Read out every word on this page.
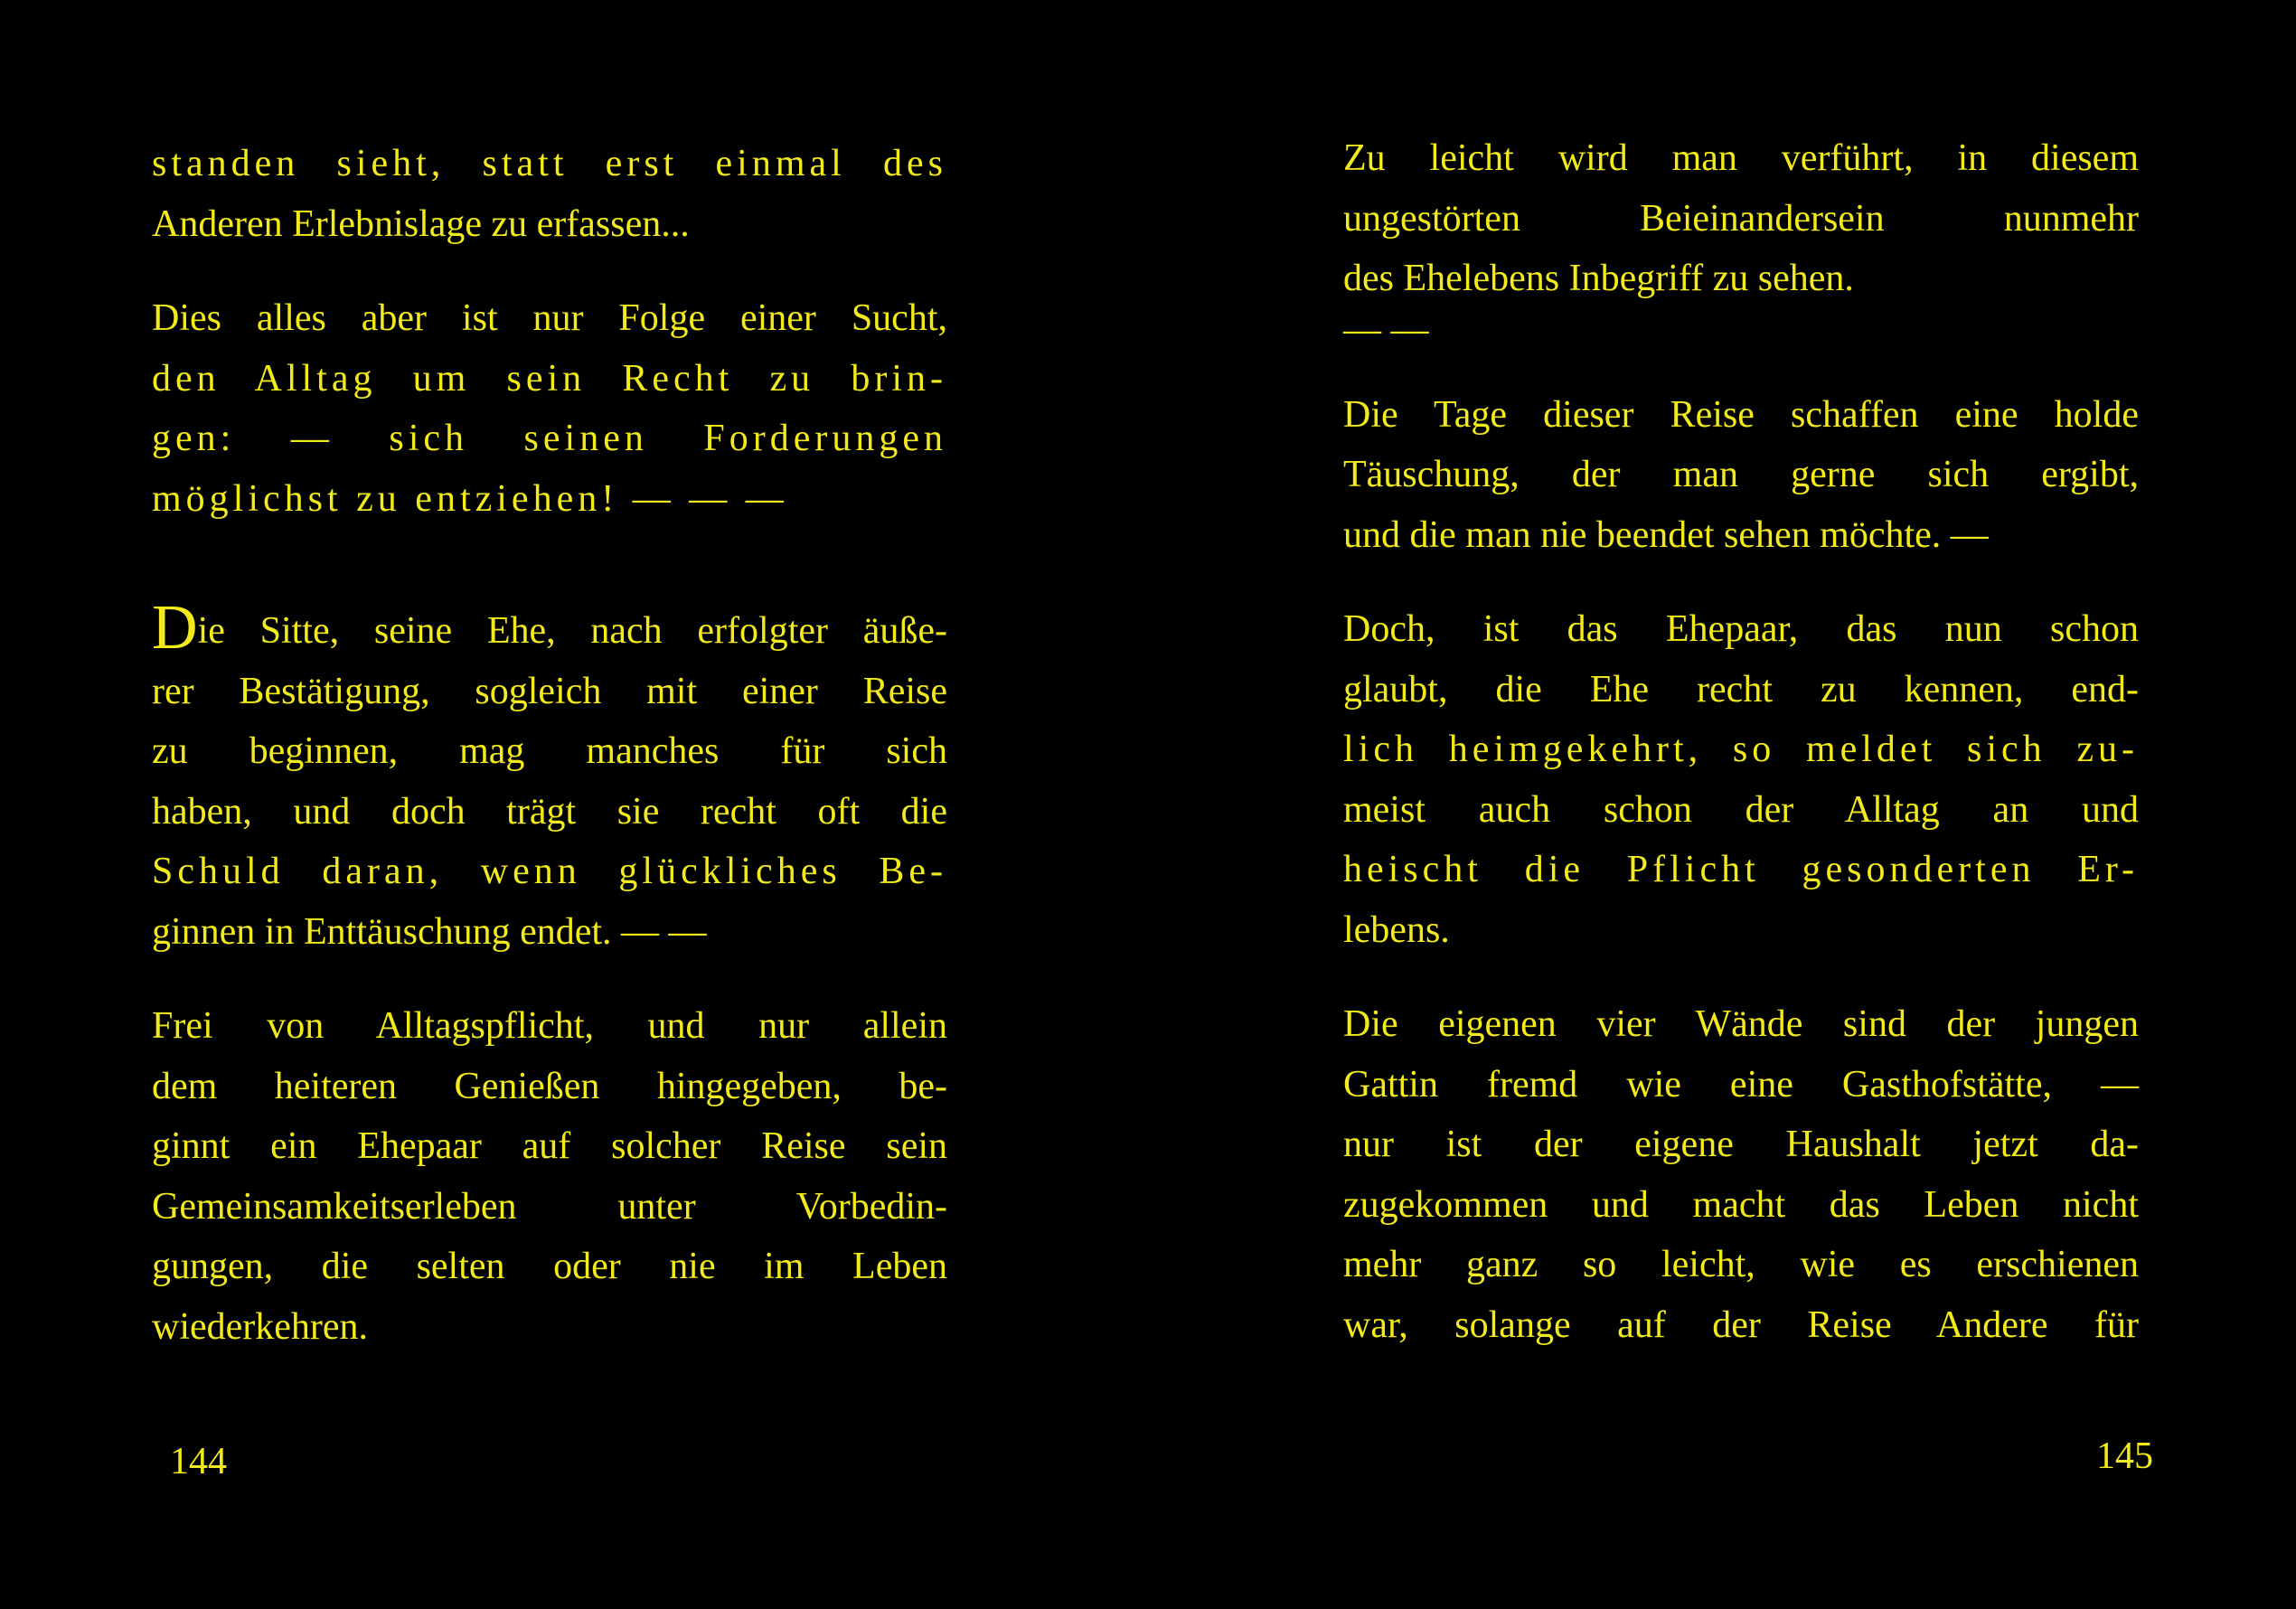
standen sieht, statt erst einmal des
Anderen Erlebnislage zu erfassen...

Dies alles aber ist nur Folge einer Sucht,
den Alltag um sein Recht zu brin-
gen: — sich seinen Forderungen
möglichst zu entziehen! — — —

Die Sitte, seine Ehe, nach erfolgter äuße-
rer Bestätigung, sogleich mit einer Reise
zu beginnen, mag manches für sich
haben, und doch trägt sie recht oft die
Schuld daran, wenn glückliches Be-
ginnen in Enttäuschung endet. — —

Frei von Alltagspflicht, und nur allein
dem heiteren Genießen hingegeben, be-
ginnt ein Ehepaar auf solcher Reise sein
Gemeinsamkeitserleben unter Vorbedin-
gungen, die selten oder nie im Leben
wiederkehren.

144

Zu leicht wird man verführt, in diesem
ungestörten Beieinandersein nunmehr
des Ehelebens Inbegriff zu sehen.
— —

Die Tage dieser Reise schaffen eine holde
Täuschung, der man gerne sich ergibt,
und die man nie beendet sehen möchte. —

Doch, ist das Ehepaar, das nun schon
glaubt, die Ehe recht zu kennen, end-
lich heimgekehrt, so meldet sich zu-
meist auch schon der Alltag an und
heischt die Pflicht gesonderten Er-
lebens.

Die eigenen vier Wände sind der jungen
Gattin fremd wie eine Gasthofstätte, —
nur ist der eigene Haushalt jetzt da-
zugekommen und macht das Leben nicht
mehr ganz so leicht, wie es erschienen
war, solange auf der Reise Andere für

145
